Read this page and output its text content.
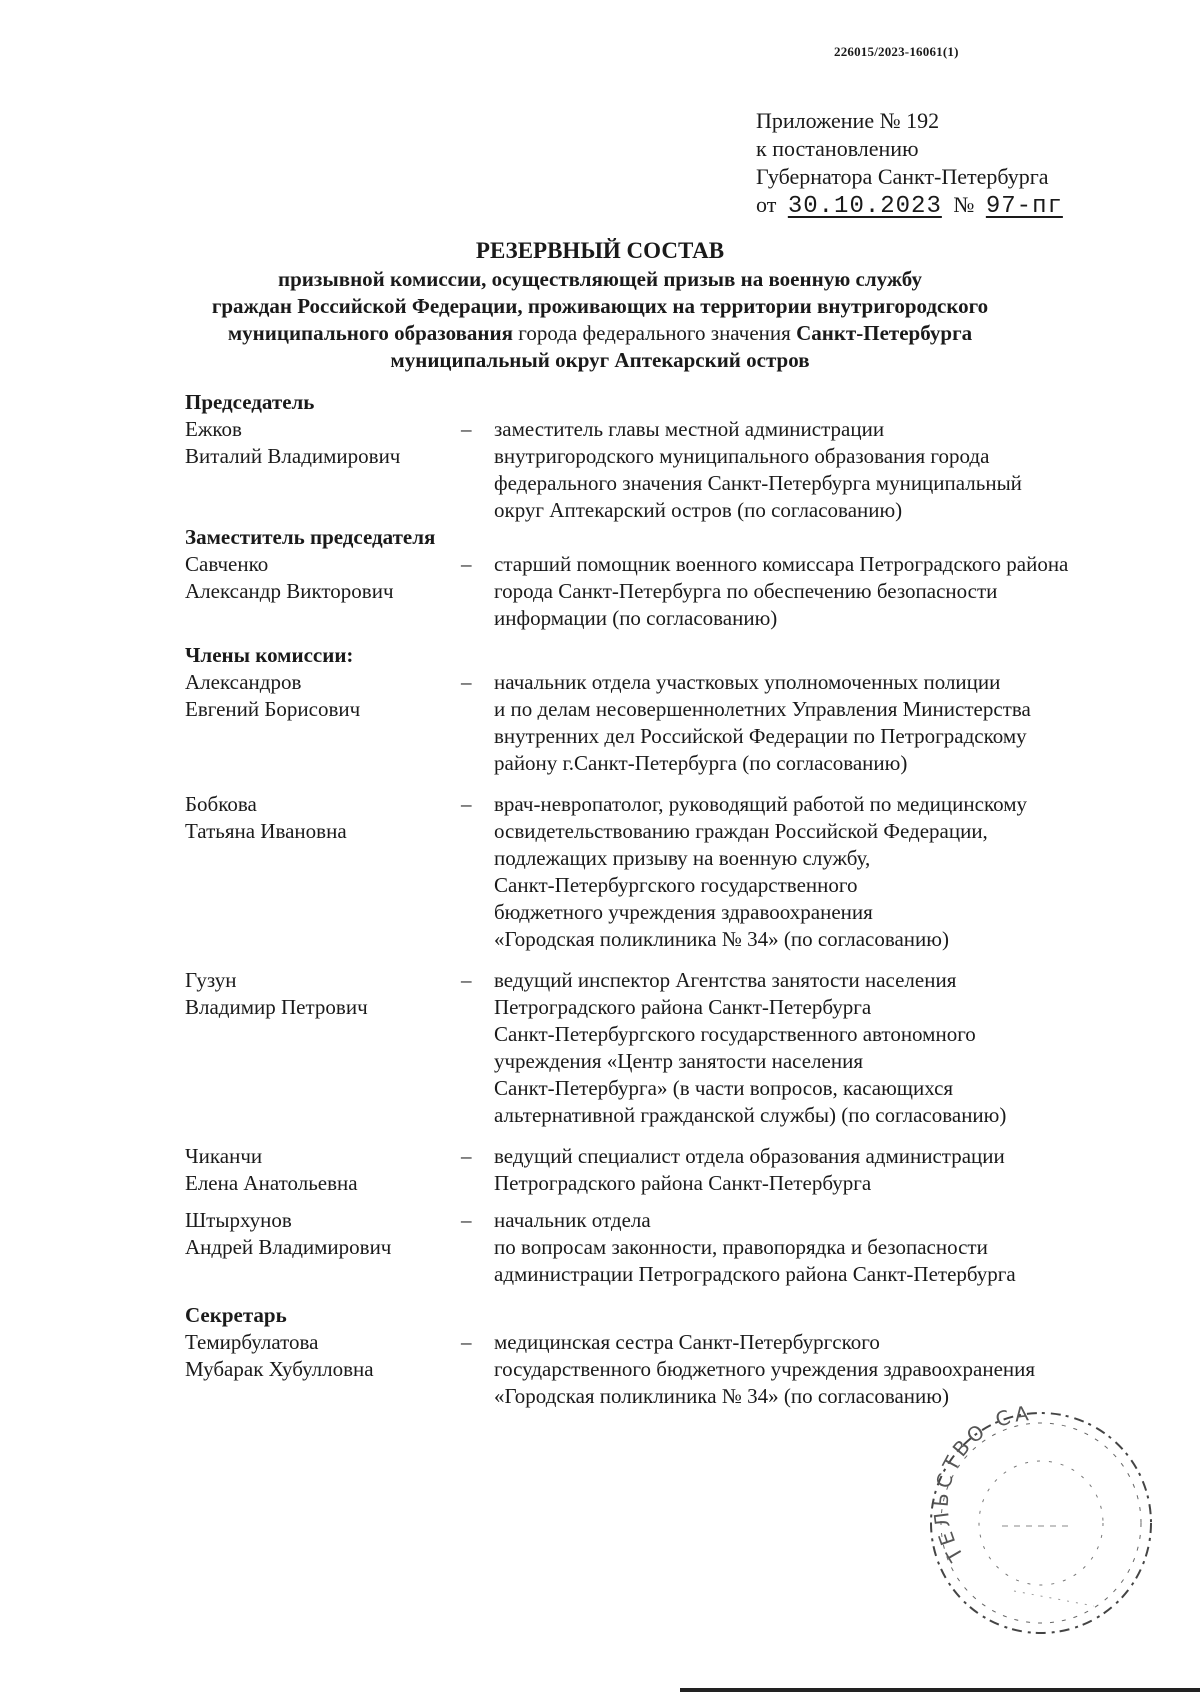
226015/2023-16061(1)
Приложение № 192
к постановлению
Губернатора Санкт-Петербурга
от 30.10.2023 № 97-пг
РЕЗЕРВНЫЙ СОСТАВ
призывной комиссии, осуществляющей призыв на военную службу
граждан Российской Федерации, проживающих на территории внутригородского
муниципального образования города федерального значения Санкт-Петербурга
муниципальный округ Аптекарский остров
Председатель
Ежков
Виталий Владимирович
–	заместитель главы местной администрации
внутригородского муниципального образования города
федерального значения Санкт-Петербурга муниципальный
округ Аптекарский остров (по согласованию)
Заместитель председателя
Савченко
Александр Викторович
–	старший помощник военного комиссара Петроградского района
города Санкт-Петербурга по обеспечению безопасности
информации (по согласованию)
Члены комиссии:
Александров
Евгений Борисович
–	начальник отдела участковых уполномоченных полиции
и по делам несовершеннолетних Управления Министерства
внутренних дел Российской Федерации по Петроградскому
району г.Санкт-Петербурга (по согласованию)
Бобкова
Татьяна Ивановна
–	врач-невропатолог, руководящий работой по медицинскому
освидетельствованию граждан Российской Федерации,
подлежащих призыву на военную службу,
Санкт-Петербургского государственного
бюджетного учреждения здравоохранения
«Городская поликлиника № 34» (по согласованию)
Гузун
Владимир Петрович
–	ведущий инспектор Агентства занятости населения
Петроградского района Санкт-Петербурга
Санкт-Петербургского государственного автономного
учреждения «Центр занятости населения
Санкт-Петербурга» (в части вопросов, касающихся
альтернативной гражданской службы) (по согласованию)
Чиканчи
Елена Анатольевна
–	ведущий специалист отдела образования администрации
Петроградского района Санкт-Петербурга
Штырхунов
Андрей Владимирович
–	начальник отдела
по вопросам законности, правопорядка и безопасности
администрации Петроградского района Санкт-Петербурга
Секретарь
Темирбулатова
Мубарак Хубулловна
–	медицинская сестра Санкт-Петербургского
государственного бюджетного учреждения здравоохранения
«Городская поликлиника № 34» (по согласованию)
ТЕЛЬСТВО СА
